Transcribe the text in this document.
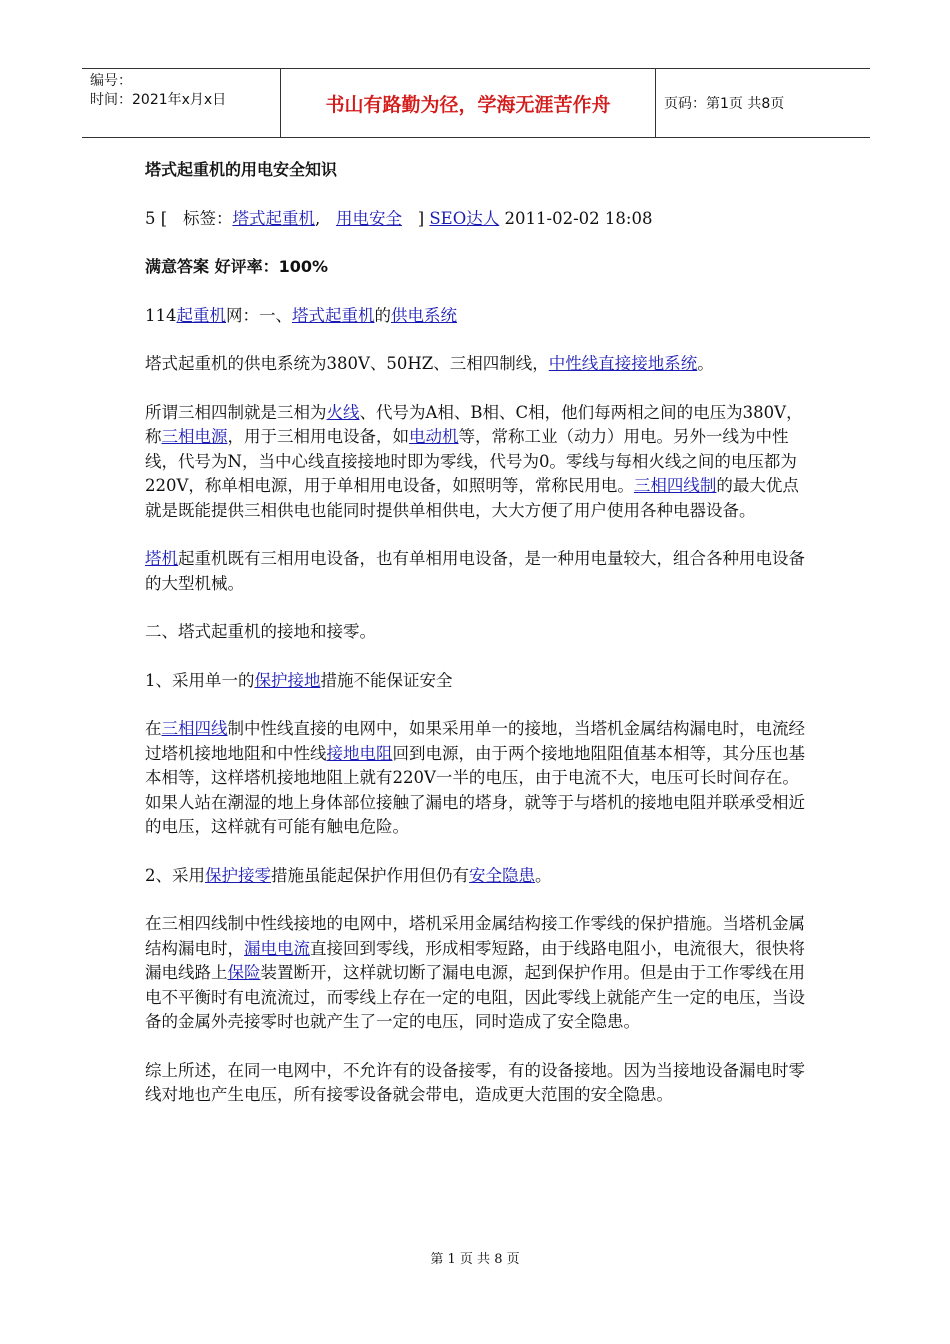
编号：
时间：2021年x月x日	书山有路勤为径，学海无涯苦作舟	页码：第1页 共8页

塔式起重机的用电安全知识

5 [ 标签：塔式起重机, 用电安全 ] SEO达人 2011-02-02 18:08

满意答案 好评率：100%

114起重机网：一、塔式起重机的供电系统

塔式起重机的供电系统为380V、50HZ、三相四制线，中性线直接接地系统。

所谓三相四制就是三相为火线、代号为A相、B相、C相，他们每两相之间的电压为380V，称三相电源，用于三相用电设备，如电动机等，常称工业（动力）用电。另外一线为中性线，代号为N，当中心线直接接地时即为零线，代号为0。零线与每相火线之间的电压都为220V，称单相电源，用于单相用电设备，如照明等，常称民用电。三相四线制的最大优点就是既能提供三相供电也能同时提供单相供电，大大方便了用户使用各种电器设备。

塔机起重机既有三相用电设备，也有单相用电设备，是一种用电量较大，组合各种用电设备的大型机械。

二、塔式起重机的接地和接零。

1、采用单一的保护接地措施不能保证安全

在三相四线制中性线直接的电网中，如果采用单一的接地，当塔机金属结构漏电时，电流经过塔机接地地阻和中性线接地电阻回到电源，由于两个接地地阻阻值基本相等，其分压也基本相等，这样塔机接地地阻上就有220V一半的电压，由于电流不大，电压可长时间存在。如果人站在潮湿的地上身体部位接触了漏电的塔身，就等于与塔机的接地电阻并联承受相近的电压，这样就有可能有触电危险。

2、采用保护接零措施虽能起保护作用但仍有安全隐患。

在三相四线制中性线接地的电网中，塔机采用金属结构接工作零线的保护措施。当塔机金属结构漏电时，漏电电流直接回到零线，形成相零短路，由于线路电阻小，电流很大，很快将漏电线路上保险装置断开，这样就切断了漏电电源，起到保护作用。但是由于工作零线在用电不平衡时有电流流过，而零线上存在一定的电阻，因此零线上就能产生一定的电压，当设备的金属外壳接零时也就产生了一定的电压，同时造成了安全隐患。

综上所述，在同一电网中，不允许有的设备接零，有的设备接地。因为当接地设备漏电时零线对地也产生电压，所有接零设备就会带电，造成更大范围的安全隐患。

第 1 页 共 8 页
